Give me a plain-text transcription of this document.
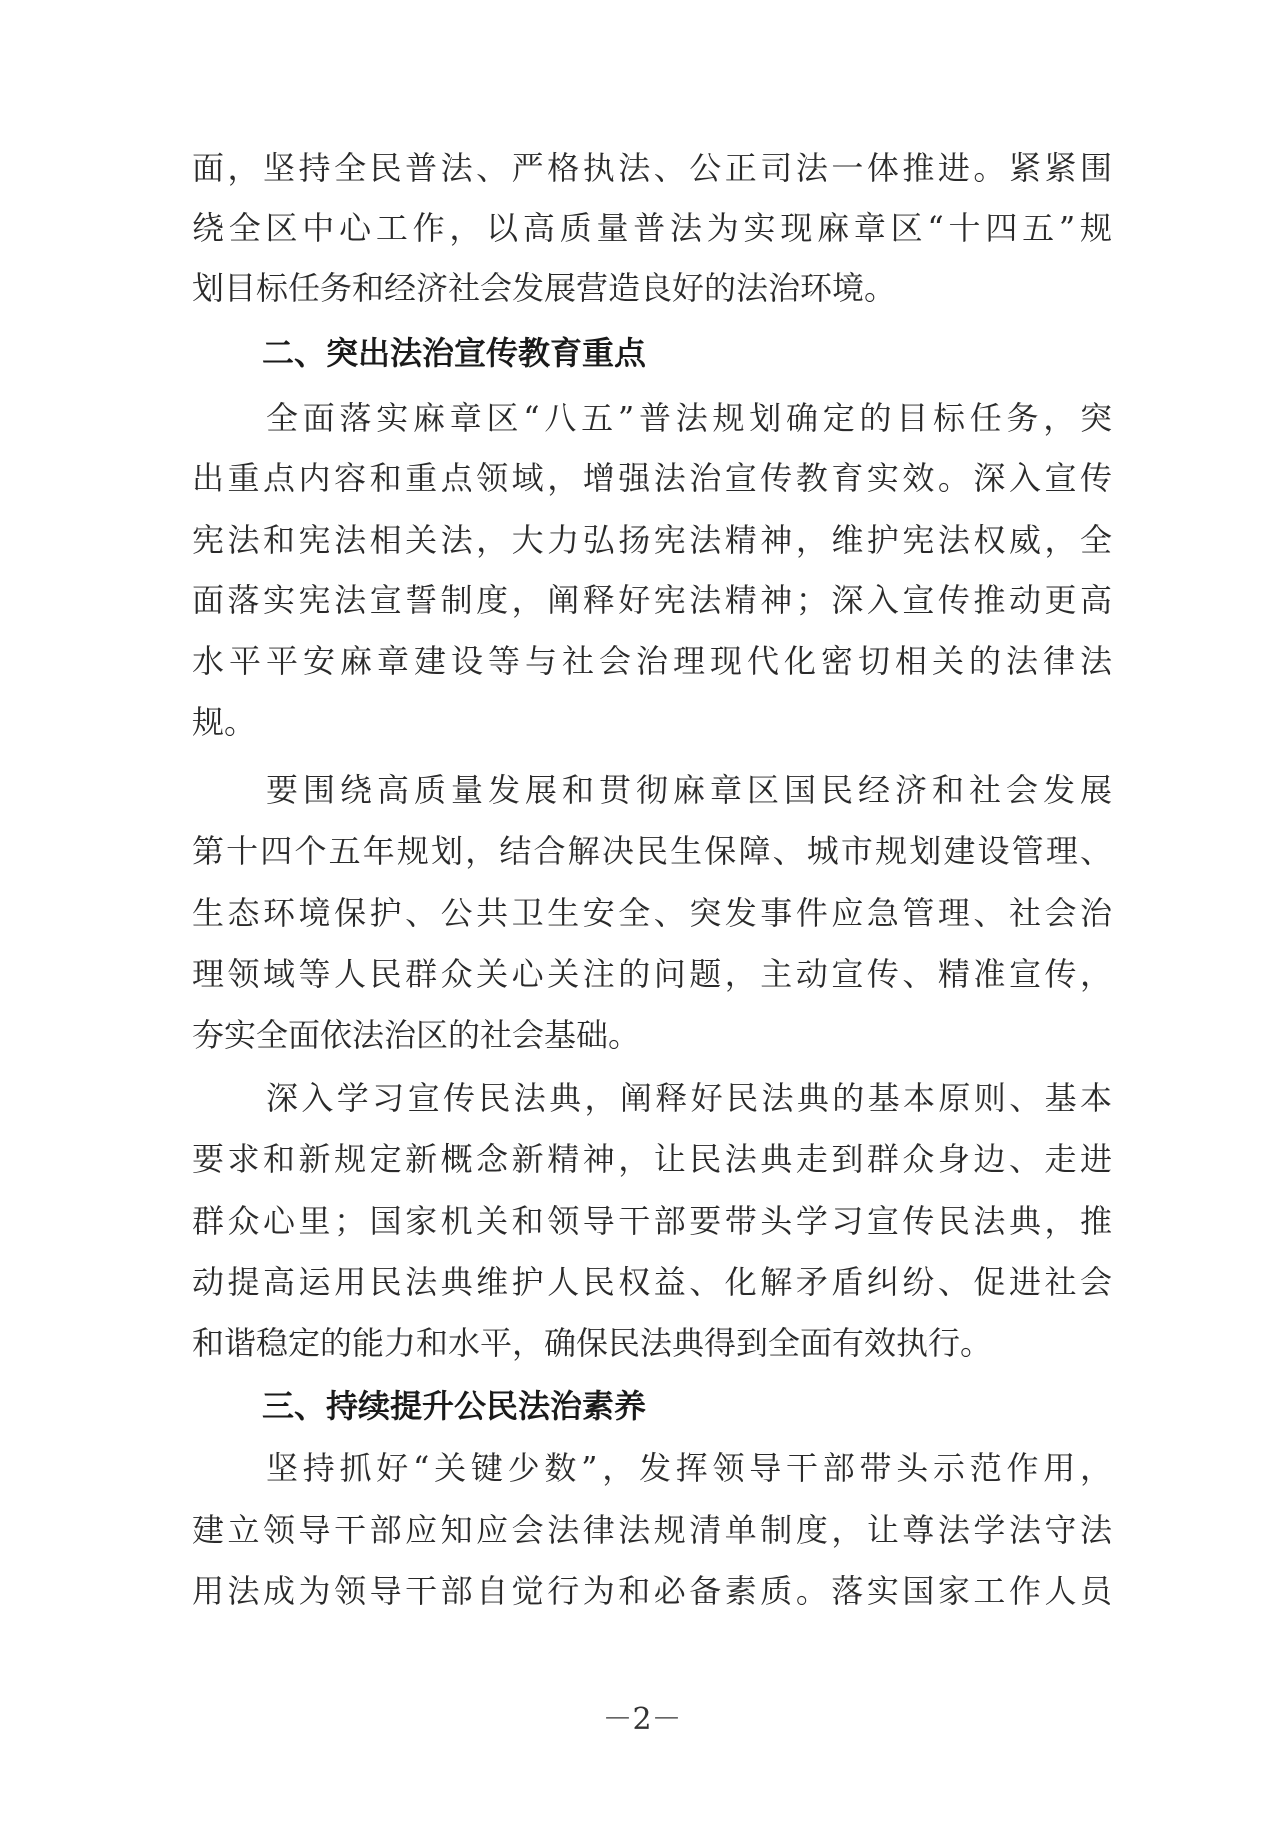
面，坚持全民普法、严格执法、公正司法一体推进。紧紧围
绕全区中心工作，以高质量普法为实现麻章区“十四五”规
划目标任务和经济社会发展营造良好的法治环境。
二、突出法治宣传教育重点
全面落实麻章区“八五”普法规划确定的目标任务，突
出重点内容和重点领域，增强法治宣传教育实效。深入宣传
宪法和宪法相关法，大力弘扬宪法精神，维护宪法权威，全
面落实宪法宣誓制度，阐释好宪法精神；深入宣传推动更高
水平平安麻章建设等与社会治理现代化密切相关的法律法
规。
要围绕高质量发展和贯彻麻章区国民经济和社会发展
第十四个五年规划，结合解决民生保障、城市规划建设管理、
生态环境保护、公共卫生安全、突发事件应急管理、社会治
理领域等人民群众关心关注的问题，主动宣传、精准宣传，
夯实全面依法治区的社会基础。
深入学习宣传民法典，阐释好民法典的基本原则、基本
要求和新规定新概念新精神，让民法典走到群众身边、走进
群众心里；国家机关和领导干部要带头学习宣传民法典，推
动提高运用民法典维护人民权益、化解矛盾纠纷、促进社会
和谐稳定的能力和水平，确保民法典得到全面有效执行。
三、持续提升公民法治素养
坚持抓好“关键少数”，发挥领导干部带头示范作用，
建立领导干部应知应会法律法规清单制度，让尊法学法守法
用法成为领导干部自觉行为和必备素质。落实国家工作人员
－2－
